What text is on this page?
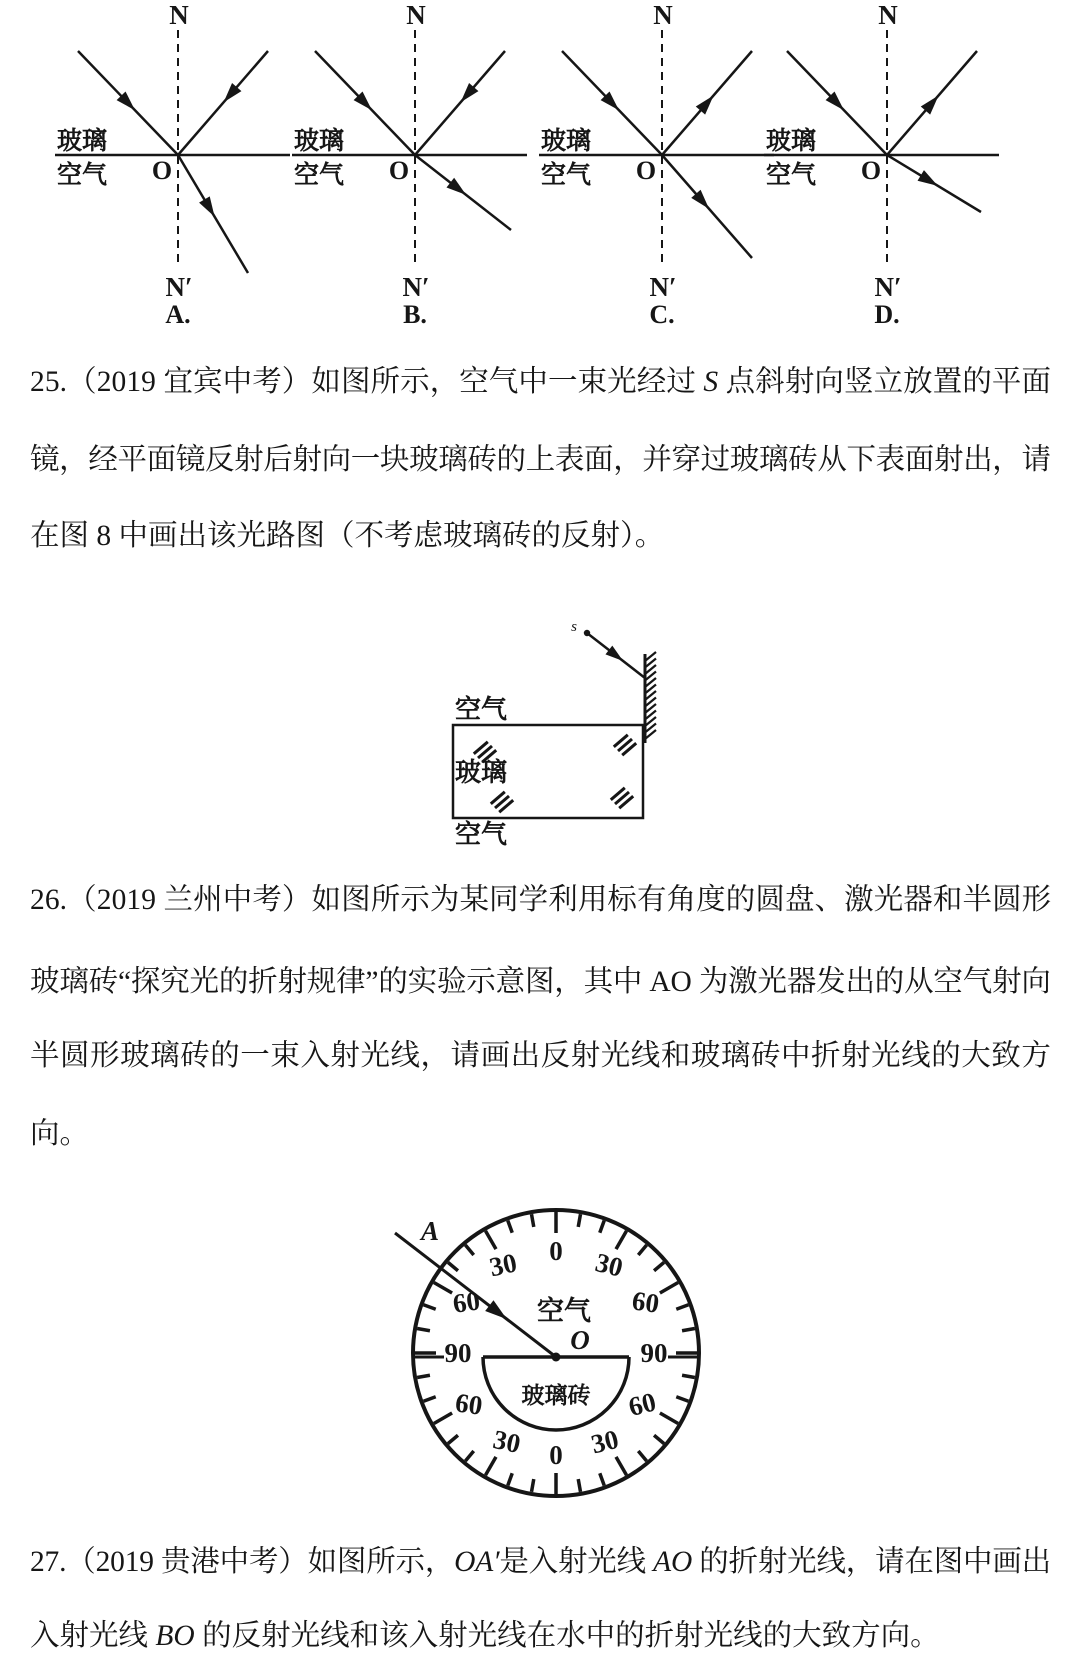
N
N′
玻璃
空气 O
A.
N
N′
玻璃
空气 O
B.
N
N′
玻璃
空气 O
C.
N
N′
玻璃
空气 O
D.
25.（2019 宜宾中考）如图所示，空气中一束光经过 S 点斜射向竖立放置的平面
镜，经平面镜反射后射向一块玻璃砖的上表面，并穿过玻璃砖从下表面射出，请
在图 8 中画出该光路图（不考虑玻璃砖的反射）。
26.（2019 兰州中考）如图所示为某同学利用标有角度的圆盘、激光器和半圆形
玻璃砖“探究光的折射规律”的实验示意图，其中 AO 为激光器发出的从空气射向
半圆形玻璃砖的一束入射光线，请画出反射光线和玻璃砖中折射光线的大致方
向。
27.（2019 贵港中考）如图所示，OA′是入射光线 AO 的折射光线，请在图中画出
入射光线 BO 的反射光线和该入射光线在水中的折射光线的大致方向。
s
空气
玻璃
空气
0
30	30
60	60
90	90
60	60
30 30
0
O
空气
玻璃砖
A
